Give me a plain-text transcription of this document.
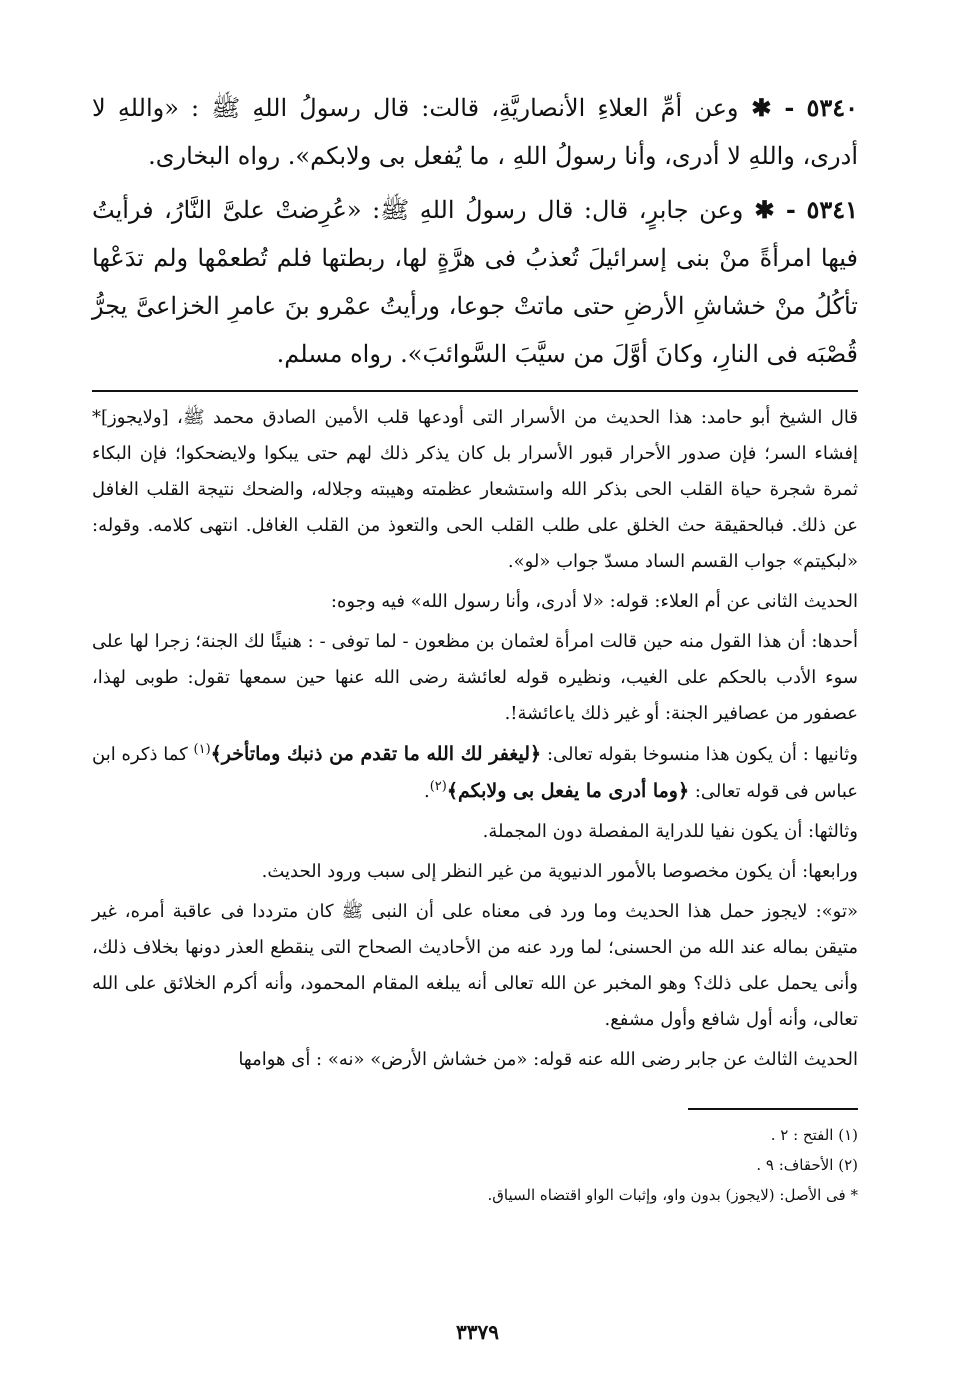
٥٣٤٠ - ✱ وعن أمِّ العلاءِ الأنصاريَّةِ، قالت: قال رسولُ اللهِ ﷺ : «واللهِ لا أدرى، واللهِ لا أدرى، وأنا رسولُ اللهِ ، ما يُفعل بى ولابكم». رواه البخارى.

٥٣٤١ - ✱ وعن جابرٍ، قال: قال رسولُ اللهِ ﷺ: «عُرِضتْ علىَّ النَّارُ، فرأيتُ فيها امرأةً منْ بنى إسرائيلَ تُعذبُ فى هرَّةٍ لها، ربطتها فلم تُطعمْها ولم تدَعْها تأكُلُ منْ خشاشِ الأرضِ حتى ماتتْ جوعا، ورأيتُ عمْرو بنَ عامرِ الخزاعىَّ يجرُّ قُصْبَه فى النارِ، وكانَ أوَّلَ من سيَّبَ السَّوائبَ». رواه مسلم.

قال الشيخ أبو حامد: هذا الحديث من الأسرار التى أودعها قلب الأمين الصادق محمد ﷺ، [ولايجوز]* إفشاء السر؛ فإن صدور الأحرار قبور الأسرار بل كان يذكر ذلك لهم حتى يبكوا ولايضحكوا؛ فإن البكاء ثمرة شجرة حياة القلب الحى بذكر الله واستشعار عظمته وهيبته وجلاله، والضحك نتيجة القلب الغافل عن ذلك. فبالحقيقة حث الخلق على طلب القلب الحى والتعوذ من القلب الغافل. انتهى كلامه. وقوله: «لبكيتم» جواب القسم الساد مسدّ جواب «لو».

الحديث الثانى عن أم العلاء: قوله: «لا أدرى، وأنا رسول الله» فيه وجوه:

أحدها: أن هذا القول منه حين قالت امرأة لعثمان بن مظعون - لما توفى - : هنيئًا لك الجنة؛ زجرا لها على سوء الأدب بالحكم على الغيب، ونظيره قوله لعائشة رضى الله عنها حين سمعها تقول: طوبى لهذا، عصفور من عصافير الجنة: أو غير ذلك ياعائشة!.

وثانيها : أن يكون هذا منسوخا بقوله تعالى: ﴿ليغفر لك الله ما تقدم من ذنبك وماتأخر﴾$^{(١)}$ كما ذكره ابن عباس فى قوله تعالى: ﴿وما أدرى ما يفعل بى ولابكم﴾$^{(٢)}$.

وثالثها: أن يكون نفيا للدراية المفصلة دون المجملة.

ورابعها: أن يكون مخصوصا بالأمور الدنيوية من غير النظر إلى سبب ورود الحديث.

«تو»: لايجوز حمل هذا الحديث وما ورد فى معناه على أن النبى ﷺ كان مترددا فى عاقبة أمره، غير متيقن بماله عند الله من الحسنى؛ لما ورد عنه من الأحاديث الصحاح التى ينقطع العذر دونها بخلاف ذلك، وأنى يحمل على ذلك؟ وهو المخبر عن الله تعالى أنه يبلغه المقام المحمود، وأنه أكرم الخلائق على الله تعالى، وأنه أول شافع وأول مشفع.

الحديث الثالث عن جابر رضى الله عنه قوله: «من خشاش الأرض» «نه» : أى هوامها

(١) الفتح : ٢ .
(٢) الأحقاف: ٩ .
* فى الأصل: (لايجوز) بدون واو، وإثبات الواو اقتضاه السياق.
٣٣٧٩
